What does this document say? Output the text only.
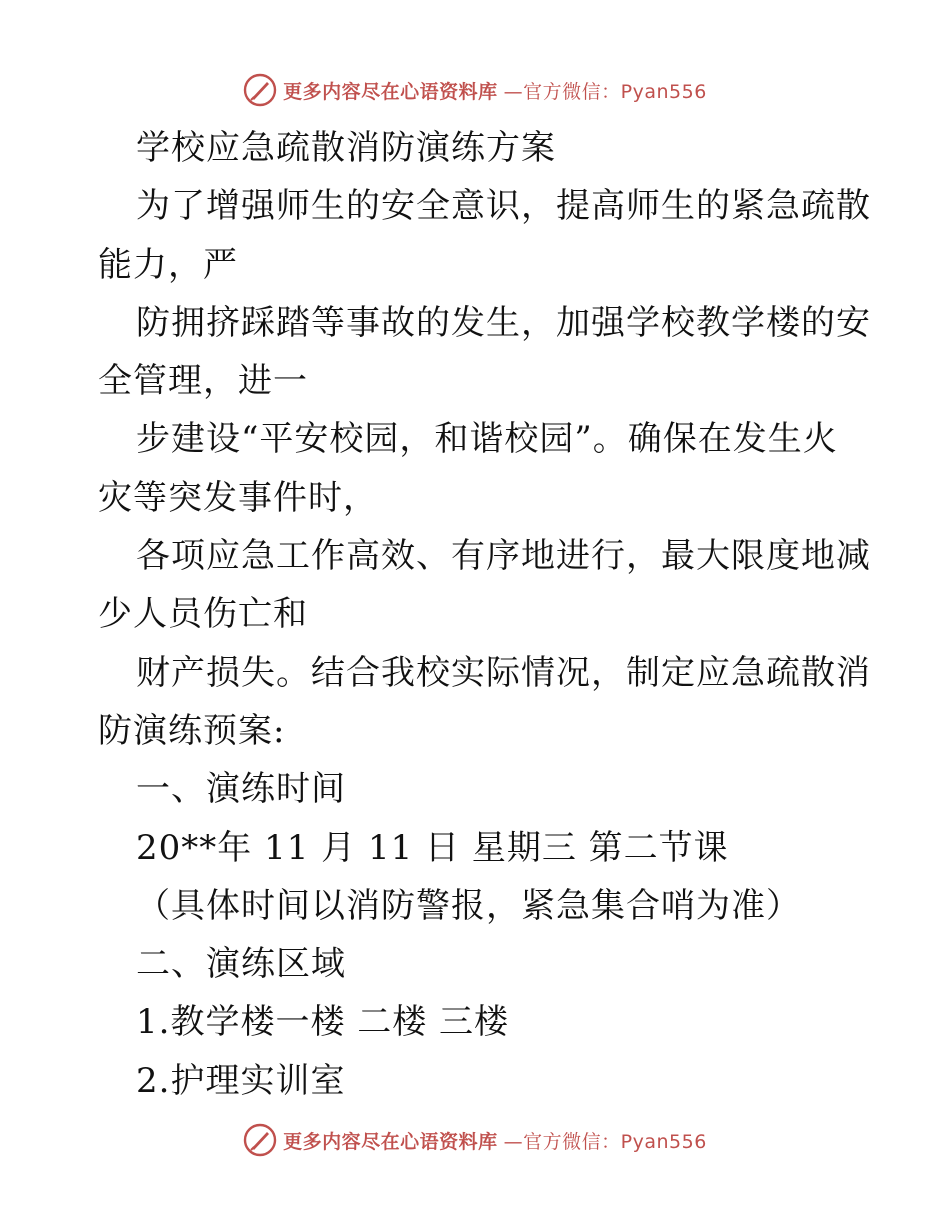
更多内容尽在心语资料库 —官方微信：Pyan556
学校应急疏散消防演练方案
为了增强师生的安全意识，提高师生的紧急疏散
能力，严
防拥挤踩踏等事故的发生，加强学校教学楼的安
全管理，进一
步建设“平安校园，和谐校园”。确保在发生火
灾等突发事件时，
各项应急工作高效、有序地进行，最大限度地减
少人员伤亡和
财产损失。结合我校实际情况，制定应急疏散消
防演练预案:
一、演练时间
20**年 11 月 11 日 星期三 第二节课
（具体时间以消防警报，紧急集合哨为准）
二、演练区域
1.教学楼一楼 二楼 三楼
2.护理实训室
更多内容尽在心语资料库 —官方微信：Pyan556
